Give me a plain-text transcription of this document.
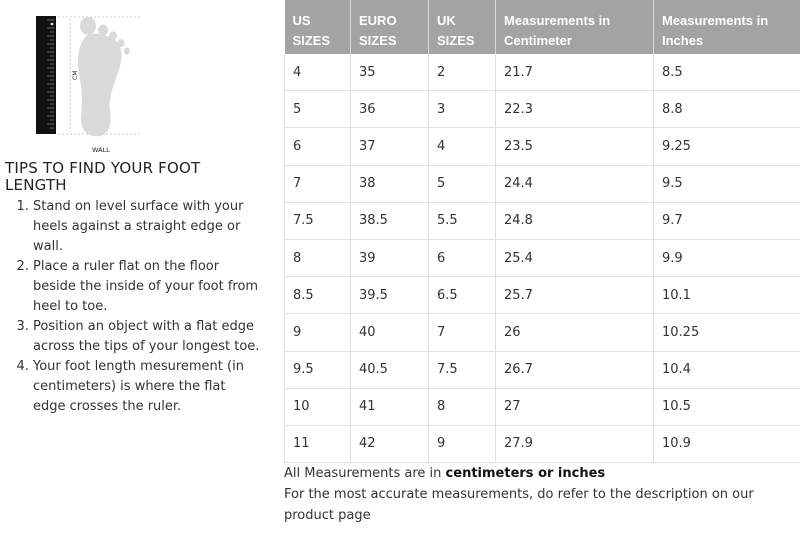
CM
WALL
TIPS TO FIND YOUR FOOT LENGTH
1. Stand on level surface with your heels against a straight edge or wall.
2. Place a ruler flat on the floor beside the inside of your foot from heel to toe.
3. Position an object with a flat edge across the tips of your longest toe.
4. Your foot length mesurement (in centimeters) is where the flat edge crosses the ruler.
US SIZES	EURO SIZES	UK SIZES	Measurements in Centimeter	Measurements in Inches
4	35	2	21.7	8.5
5	36	3	22.3	8.8
6	37	4	23.5	9.25
7	38	5	24.4	9.5
7.5	38.5	5.5	24.8	9.7
8	39	6	25.4	9.9
8.5	39.5	6.5	25.7	10.1
9	40	7	26	10.25
9.5	40.5	7.5	26.7	10.4
10	41	8	27	10.5
11	42	9	27.9	10.9
All Measurements are in centimeters or inches
For the most accurate measurements, do refer to the description on our product page
